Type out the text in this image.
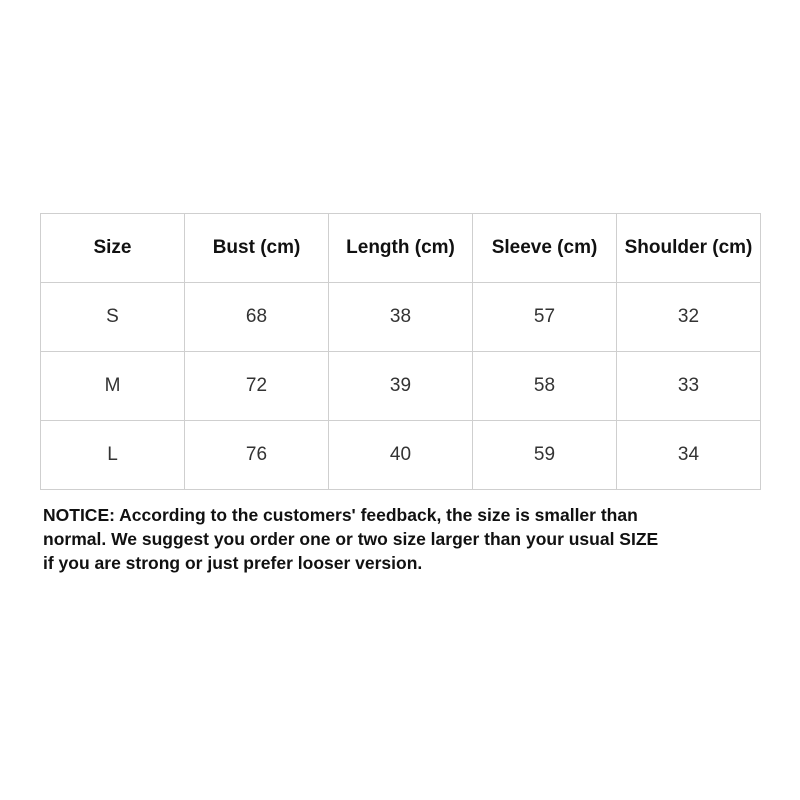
Size	Bust (cm)	Length (cm)	Sleeve (cm)	Shoulder (cm)
S	68	38	57	32
M	72	39	58	33
L	76	40	59	34

NOTICE: According to the customers' feedback, the size is smaller than
normal. We suggest you order one or two size larger than your usual SIZE
if you are strong or just prefer looser version.
